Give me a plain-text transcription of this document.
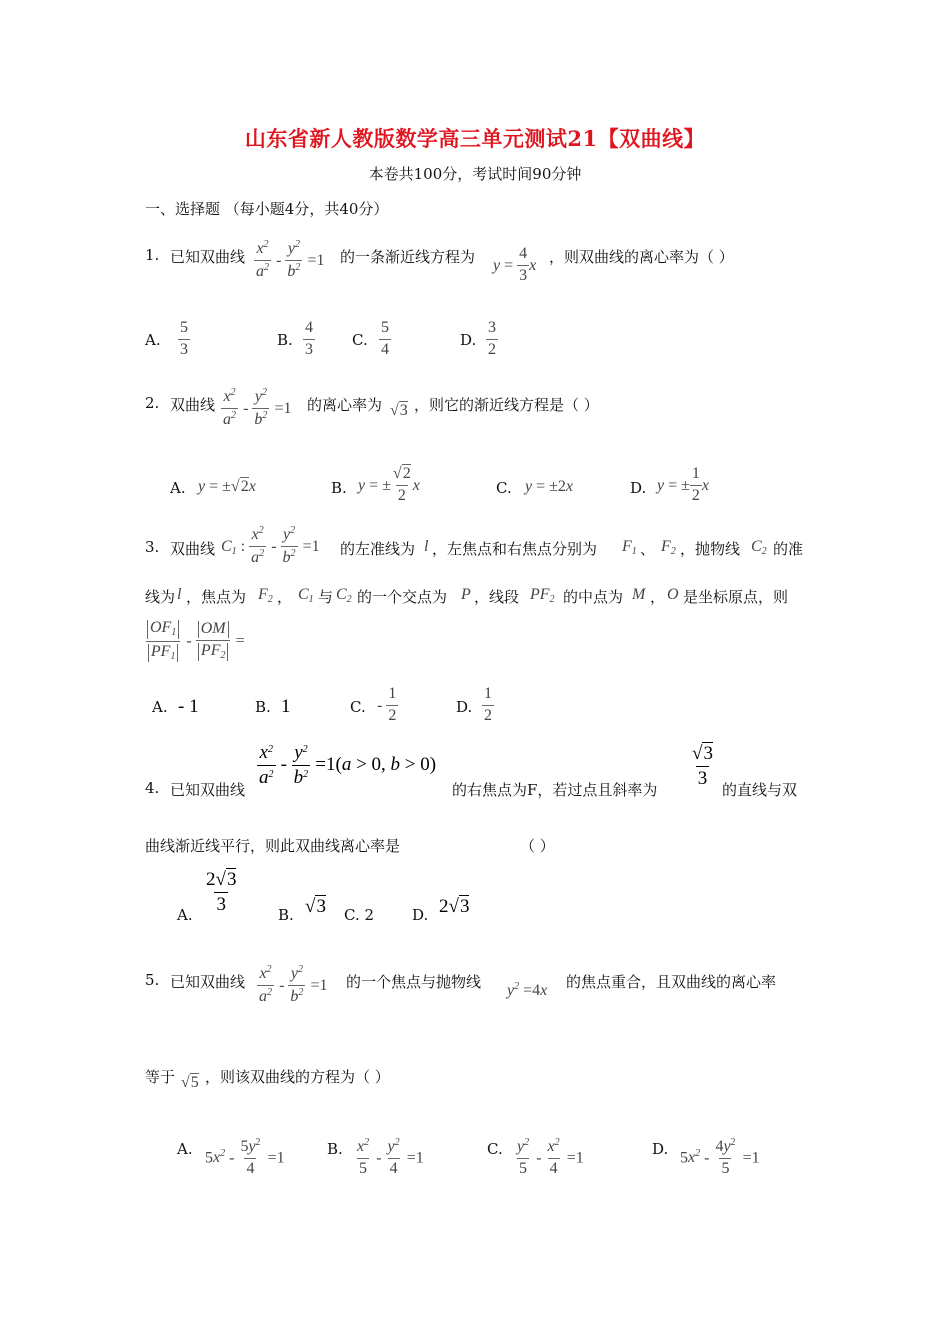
山东省新人教版数学高三单元测试21【双曲线】
本卷共100分，考试时间90分钟
一、选择题 （每小题4分，共40分）
1. 已知双曲线 $\frac{x^2}{a^2} - \frac{y^2}{b^2} =1$ 的一条渐近线方程为 $y = \frac{4}{3}$ x ，则双曲线的离心率为（ ）
A. $\frac{5}{3}$	B. $\frac{4}{3} C$. $\frac{5}{4}$	D. $\frac{3}{2}$
2. 双曲线 $\frac{x^2}{a^2} - \frac{y^2}{b^2} =1$ 的离心率为 √3 ，则它的渐近线方程是（ ）
A. y = ±√2x	B. y = ± $\frac{√2}{2}$ x	C. y = ±2x	D. y = ± $\frac{1}{2}$ x
3. 双曲线 $C_1$ : $\frac{x^2}{a^2} - \frac{y^2}{b^2} =1$ 的左准线为 l ，左焦点和右焦点分别为 $F_1$ 、 $F_2$ ，抛物线 $C_2$ 的准
线为 l ，焦点为 $F_2$ ， $C_1$ 与 $C_2$ 的一个交点为 P ，线段 $PF_2$ 的中点为 M ， O 是坐标原点，则
$\frac{OF_1}{PF_1} - \frac{OM}{PF_2}$ =
A. - 1	B. 1	C. - $\frac{1}{2}$	D. $\frac{1}{2}$
4. 已知双曲线
$\frac{x^2}{a^2} - \frac{y^2}{b^2} =1(a > 0$, b > 0)
的右焦点为F，若过点且斜率为
$\frac{√3}{3}$
的直线与双
曲线渐近线平行，则此双曲线离心率是	（ ）
A.
$\frac{2√3}{3}$
B. √3 C. 2	D. 2√3
5. 已知双曲线 $\frac{x^2}{a^2} - \frac{y^2}{b^2} =1$ 的一个焦点与抛物线 $y^2 =4x$ 的焦点重合，且双曲线的离心率
等于 √5 ，则该双曲线的方程为（ ）
A. $5x^2 - \frac{5y^2}{4} =1$	B. $\frac{x^2}{5} - \frac{y^2}{4} =1$	C. $\frac{y^2}{5} - \frac{x^2}{4} =1$	D. $5x^2 - \frac{4y^2}{5} =1$
